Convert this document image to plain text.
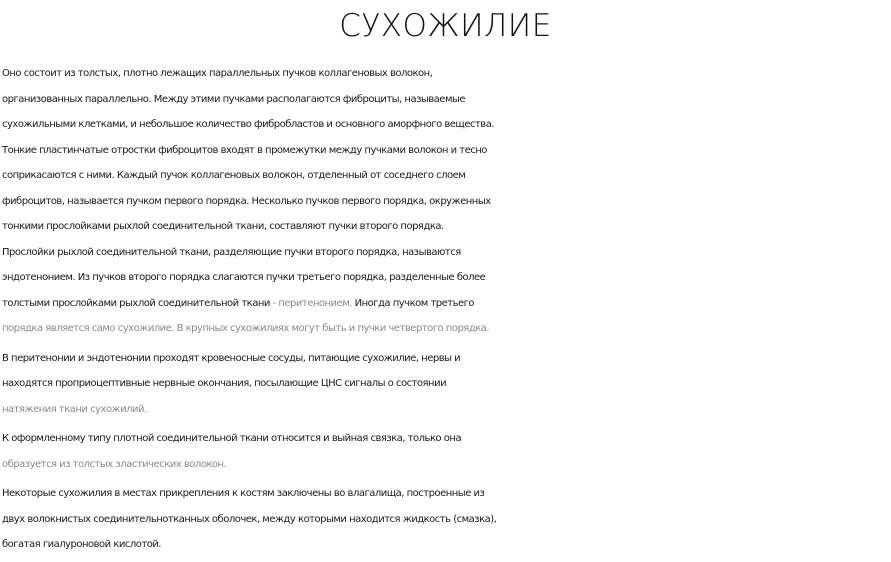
СУХОЖИЛИЕ
Оно состоит из толстых, плотно лежащих параллельных пучков коллагеновых волокон,
организованных параллельно. Между этими пучками располагаются фиброциты, называемые
сухожильными клетками, и небольшое количество фибробластов и основного аморфного вещества.
Тонкие пластинчатые отростки фиброцитов входят в промежутки между пучками волокон и тесно
соприкасаются с ними. Каждый пучок коллагеновых волокон, отделенный от соседнего слоем
фиброцитов, называется пучком первого порядка. Несколько пучков первого порядка, окруженных
тонкими прослойками рыхлой соединительной ткани, составляют пучки второго порядка.
Прослойки рыхлой соединительной ткани, разделяющие пучки второго порядка, называются
эндотенонием. Из пучков второго порядка слагаются пучки третьего порядка, разделенные более
толстыми прослойками рыхлой соединительной ткани - перитенонием. Иногда пучком третьего
порядка является само сухожилие. В крупных сухожилиях могут быть и пучки четвертого порядка.
В перитенонии и эндотенонии проходят кровеносные сосуды, питающие сухожилие, нервы и
находятся проприоцептивные нервные окончания, посылающие ЦНС сигналы о состоянии
натяжения ткани сухожилий.
К оформленному типу плотной соединительной ткани относится и выйная связка, только она
образуется из толстых эластических волокон.
Некоторые сухожилия в местах прикрепления к костям заключены во влагалища, построенные из
двух волокнистых соединительнотканных оболочек, между которыми находится жидкость (смазка),
богатая гиалуроновой кислотой.
